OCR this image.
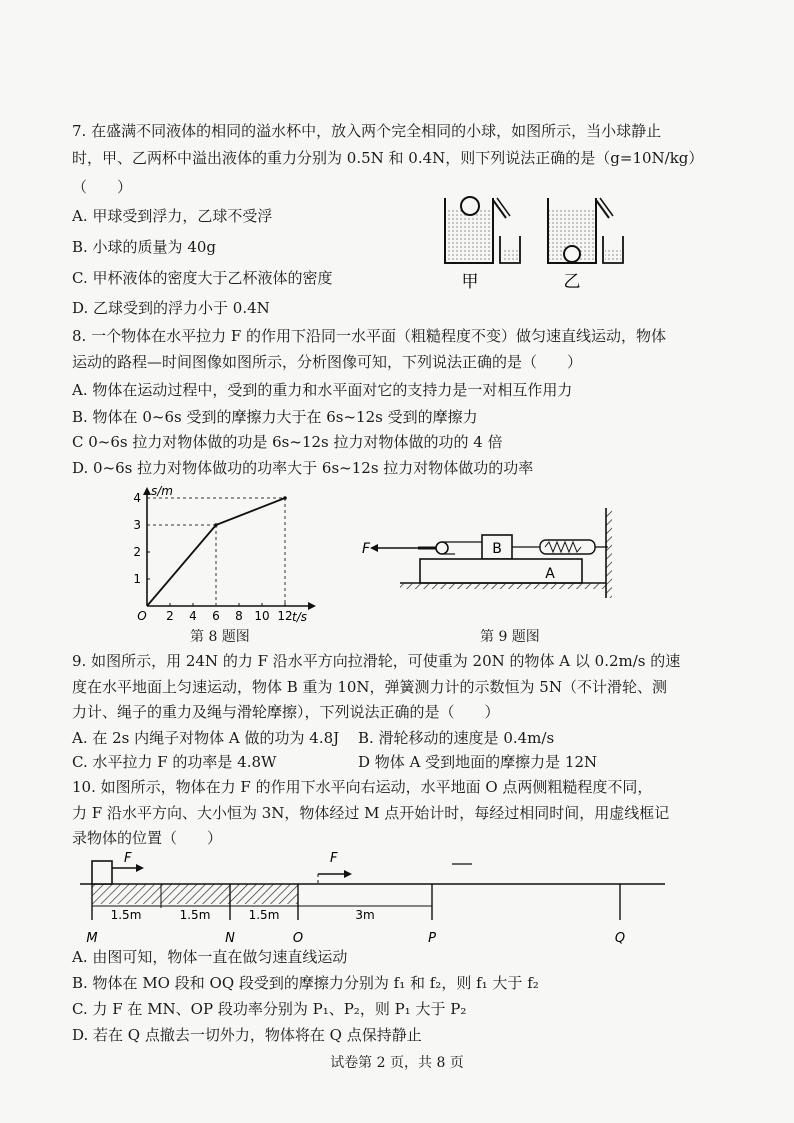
7. 在盛满不同液体的相同的溢水杯中，放入两个完全相同的小球，如图所示，当小球静止
时，甲、乙两杯中溢出液体的重力分别为 0.5N 和 0.4N，则下列说法正确的是（g=10N/kg）
（　　）
A. 甲球受到浮力，乙球不受浮
B. 小球的质量为 40g
C. 甲杯液体的密度大于乙杯液体的密度
D. 乙球受到的浮力小于 0.4N
甲	乙
8. 一个物体在水平拉力 F 的作用下沿同一水平面（粗糙程度不变）做匀速直线运动，物体
运动的路程—时间图像如图所示，分析图像可知，下列说法正确的是（　　）
A. 物体在运动过程中，受到的重力和水平面对它的支持力是一对相互作用力
B. 物体在 0~6s 受到的摩擦力大于在 6s~12s 受到的摩擦力
C 0~6s 拉力对物体做的功是 6s~12s 拉力对物体做的功的 4 倍
D. 0~6s 拉力对物体做功的功率大于 6s~12s 拉力对物体做功的功率
s/m
t/s
O 2 4 6 8 10 12
1
2
3
4
第 8 题图
F	B
A
第 9 题图
9. 如图所示，用 24N 的力 F 沿水平方向拉滑轮，可使重为 20N 的物体 A 以 0.2m/s 的速
度在水平地面上匀速运动，物体 B 重为 10N，弹簧测力计的示数恒为 5N（不计滑轮、测
力计、绳子的重力及绳与滑轮摩擦），下列说法正确的是（　　）
A. 在 2s 内绳子对物体 A 做的功为 4.8J B. 滑轮移动的速度是 0.4m/s
C. 水平拉力 F 的功率是 4.8W	D 物体 A 受到地面的摩擦力是 12N
10. 如图所示，物体在力 F 的作用下水平向右运动，水平地面 O 点两侧粗糙程度不同，
力 F 沿水平方向、大小恒为 3N，物体经过 M 点开始计时，每经过相同时间，用虚线框记
录物体的位置（　　）
F	F
1.5m	1.5m	1.5m	3m
M	N	O	P	Q
A. 由图可知，物体一直在做匀速直线运动
B. 物体在 MO 段和 OQ 段受到的摩擦力分别为 f₁ 和 f₂，则 f₁ 大于 f₂
C. 力 F 在 MN、OP 段功率分别为 P₁、P₂，则 P₁ 大于 P₂
D. 若在 Q 点撤去一切外力，物体将在 Q 点保持静止
试卷第 2 页，共 8 页
